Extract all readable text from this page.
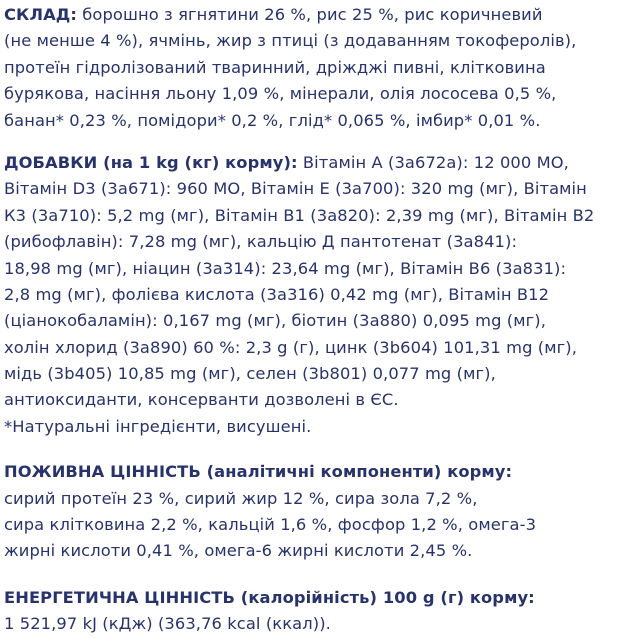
СКЛАД: борошно з ягнятини 26 %, рис 25 %, рис коричневий
(не менше 4 %), ячмінь, жир з птиці (з додаванням токоферолів),
протеїн гідролізований тваринний, дріжджі пивні, клітковина
бурякова, насіння льону 1,09 %, мінерали, олія лососева 0,5 %,
банан* 0,23 %, помідори* 0,2 %, глід* 0,065 %, імбир* 0,01 %.
ДОБАВКИ (на 1 kg (кг) корму): Вітамін A (3a672a): 12 000 МО,
Вітамін D3 (3a671): 960 МО, Вітамін Е (3a700): 320 mg (мг), Вітамін
К3 (3a710): 5,2 mg (мг), Вітамін В1 (3a820): 2,39 mg (мг), Вітамін В2
(рибофлавін): 7,28 mg (мг), кальцію Д пантотенат (3a841):
18,98 mg (мг), ніацин (3a314): 23,64 mg (мг), Вітамін В6 (3a831):
2,8 mg (мг), фолієва кислота (3a316) 0,42 mg (мг), Вітамін В12
(ціанокобаламін): 0,167 mg (мг), біотин (3a880) 0,095 mg (мг),
холін хлорид (3a890) 60 %: 2,3 g (г), цинк (3b604) 101,31 mg (мг),
мідь (3b405) 10,85 mg (мг), селен (3b801) 0,077 mg (мг),
антиоксиданти, консерванти дозволені в ЄС.
*Натуральні інгредієнти, висушені.
ПОЖИВНА ЦІННІСТЬ (аналітичні компоненти) корму:
сирий протеїн 23 %, сирий жир 12 %, сира зола 7,2 %,
сира клітковина 2,2 %, кальцій 1,6 %, фосфор 1,2 %, омега-3
жирні кислоти 0,41 %, омега-6 жирні кислоти 2,45 %.
ЕНЕРГЕТИЧНА ЦІННІСТЬ (калорійність) 100 g (г) корму:
1 521,97 kJ (кДж) (363,76 kcal (ккал)).
